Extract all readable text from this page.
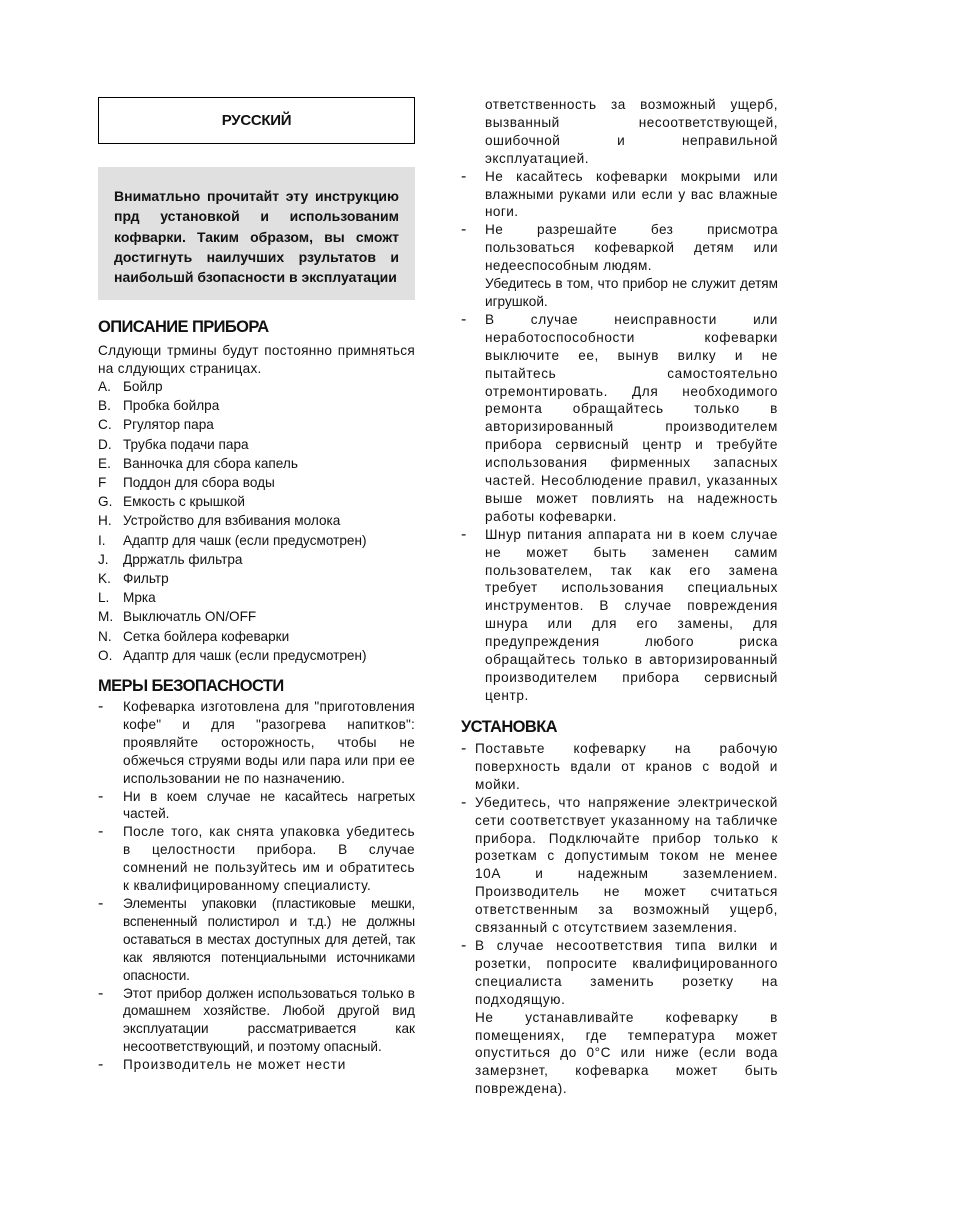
РУССКИЙ
Вниматльно прочитайт эту инструкцию прд установкой и использованим кофварки. Таким образом, вы сможт достигнуть наилучших рзультатов и наибольшй бзопасности в эксплуатации
ОПИСАНИЕ ПРИБОРА
Слдующи трмины будут постоянно примняться на слдующих страницах.
A. Бойлр
B. Пробка бойлра
C. Ргулятор пара
D. Трубка подачи пара
E. Ванночка для сбора капель
F	Поддон для сбора воды
G. Емкость с крышкой
H. Устройство для взбивания молока
I.	Адаптр для чашк (если предусмотрен)
J.	Дрржатль фильтра
K. Фильтр
L.	Мрка
M. Выключатль ON/OFF
N. Сетка бойлера кофеварки
O. Адаптр для чашк (если предусмотрен)
МЕРЫ БЕЗОПАСНОСТИ
-	Кофеварка изготовлена для "приготовления кофе" и для "разогрева напитков": проявляйте осторожность, чтобы не обжечься струями воды или пара или при ее использовании не по назначению.
-	Ни в коем случае не касайтесь нагретых частей.
-	После того, как снята упаковка убедитесь в целостности прибора. В случае сомнений не пользуйтесь им и обратитесь к квалифицированному специалисту.
-	Элементы упаковки (пластиковые мешки, вспененный полистирол и т.д.) не должны оставаться в местах доступных для детей, так как являются потенциальными источниками опасности.
-	Этот прибор должен использоваться только в домашнем хозяйстве. Любой другой вид эксплуатации рассматривается как несоответствующий, и поэтому опасный.
-	Производитель не может нести
ответственность за возможный ущерб, вызванный несоответствующей, ошибочной и неправильной эксплуатацией.
-	Не касайтесь кофеварки мокрыми или влажными руками или если у вас влажные ноги.
-	Не разрешайте без присмотра пользоваться кофеваркой детям или недееспособным людям.
Убедитесь в том, что прибор не служит детям игрушкой.
-	В случае неисправности или неработоспособности кофеварки выключите ее, вынув вилку и не пытайтесь самостоятельно отремонтировать. Для необходимого ремонта обращайтесь только в авторизированный производителем прибора сервисный центр и требуйте использования фирменных запасных частей. Несоблюдение правил, указанных выше может повлиять на надежность работы кофеварки.
-	Шнур питания аппарата ни в коем случае не может быть заменен самим пользователем, так как его замена требует использования специальных инструментов. В случае повреждения шнура или для его замены, для предупреждения любого риска обращайтесь только в авторизированный производителем прибора сервисный центр.
УСТАНОВКА
- Поставьте кофеварку на рабочую поверхность вдали от кранов с водой и мойки.
- Убедитесь, что напряжение электрической сети соответствует указанному на табличке прибора. Подключайте прибор только к розеткам с допустимым током не менее 10А и надежным заземлением. Производитель не может считаться ответственным за возможный ущерб, связанный с отсутствием заземления.
- В случае несоответствия типа вилки и розетки, попросите квалифицированного специалиста заменить розетку на подходящую.
Не устанавливайте кофеварку в помещениях, где температура может опуститься до 0°С или ниже (если вода замерзнет, кофеварка может быть повреждена).
